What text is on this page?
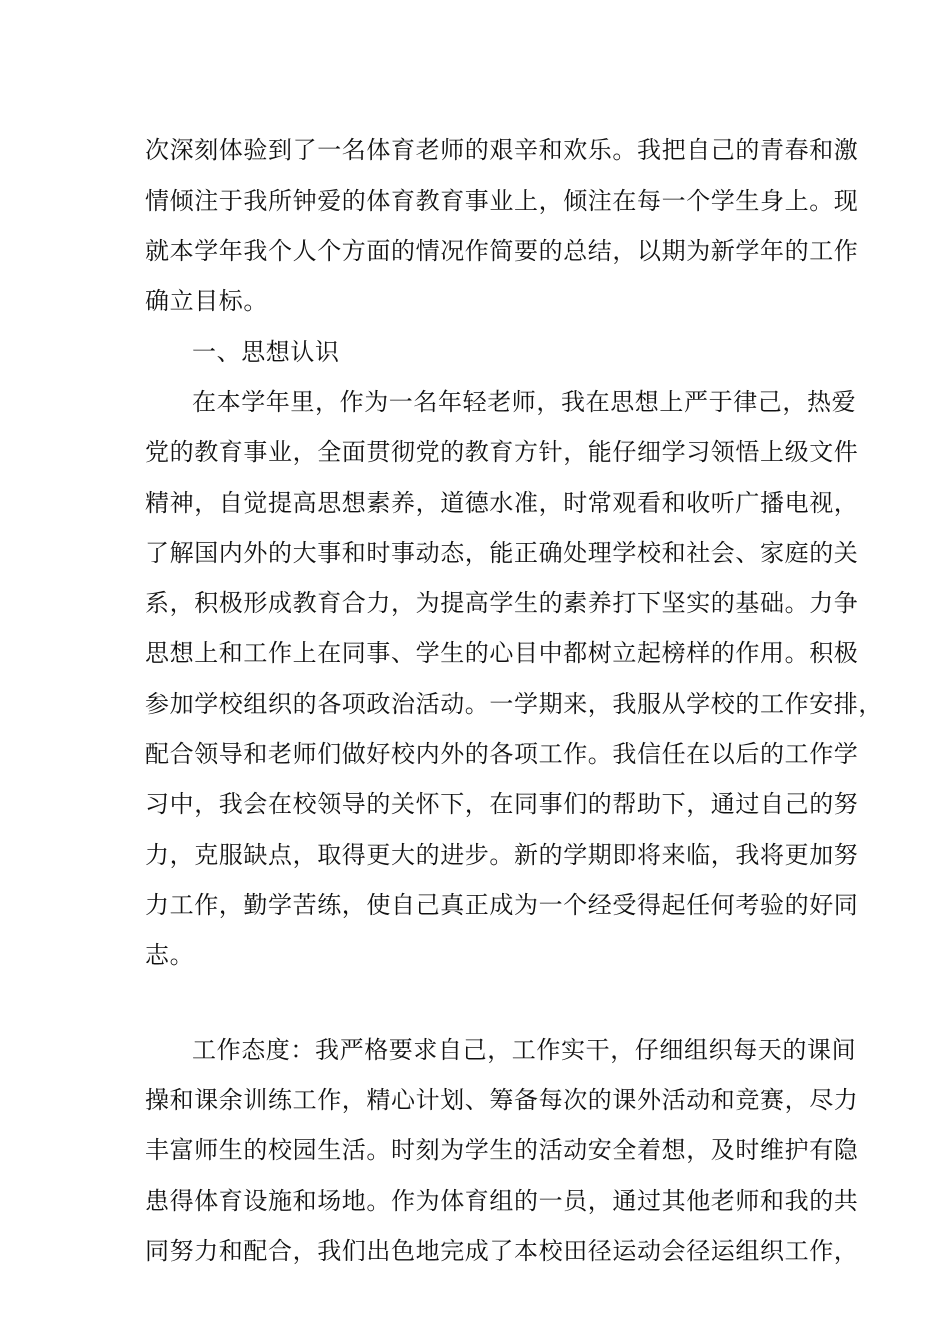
次深刻体验到了一名体育老师的艰辛和欢乐。我把自己的青春和激
情倾注于我所钟爱的体育教育事业上，倾注在每一个学生身上。现
就本学年我个人个方面的情况作简要的总结，以期为新学年的工作
确立目标。
一、思想认识
在本学年里，作为一名年轻老师，我在思想上严于律己，热爱
党的教育事业，全面贯彻党的教育方针，能仔细学习领悟上级文件
精神，自觉提高思想素养，道德水准，时常观看和收听广播电视，
了解国内外的大事和时事动态，能正确处理学校和社会、家庭的关
系，积极形成教育合力，为提高学生的素养打下坚实的基础。力争
思想上和工作上在同事、学生的心目中都树立起榜样的作用。积极
参加学校组织的各项政治活动。一学期来，我服从学校的工作安排，
配合领导和老师们做好校内外的各项工作。我信任在以后的工作学
习中，我会在校领导的关怀下，在同事们的帮助下，通过自己的努
力，克服缺点，取得更大的进步。新的学期即将来临，我将更加努
力工作，勤学苦练，使自己真正成为一个经受得起任何考验的好同
志。
工作态度：我严格要求自己，工作实干，仔细组织每天的课间
操和课余训练工作，精心计划、筹备每次的课外活动和竞赛，尽力
丰富师生的校园生活。时刻为学生的活动安全着想，及时维护有隐
患得体育设施和场地。作为体育组的一员，通过其他老师和我的共
同努力和配合，我们出色地完成了本校田径运动会径运组织工作，
